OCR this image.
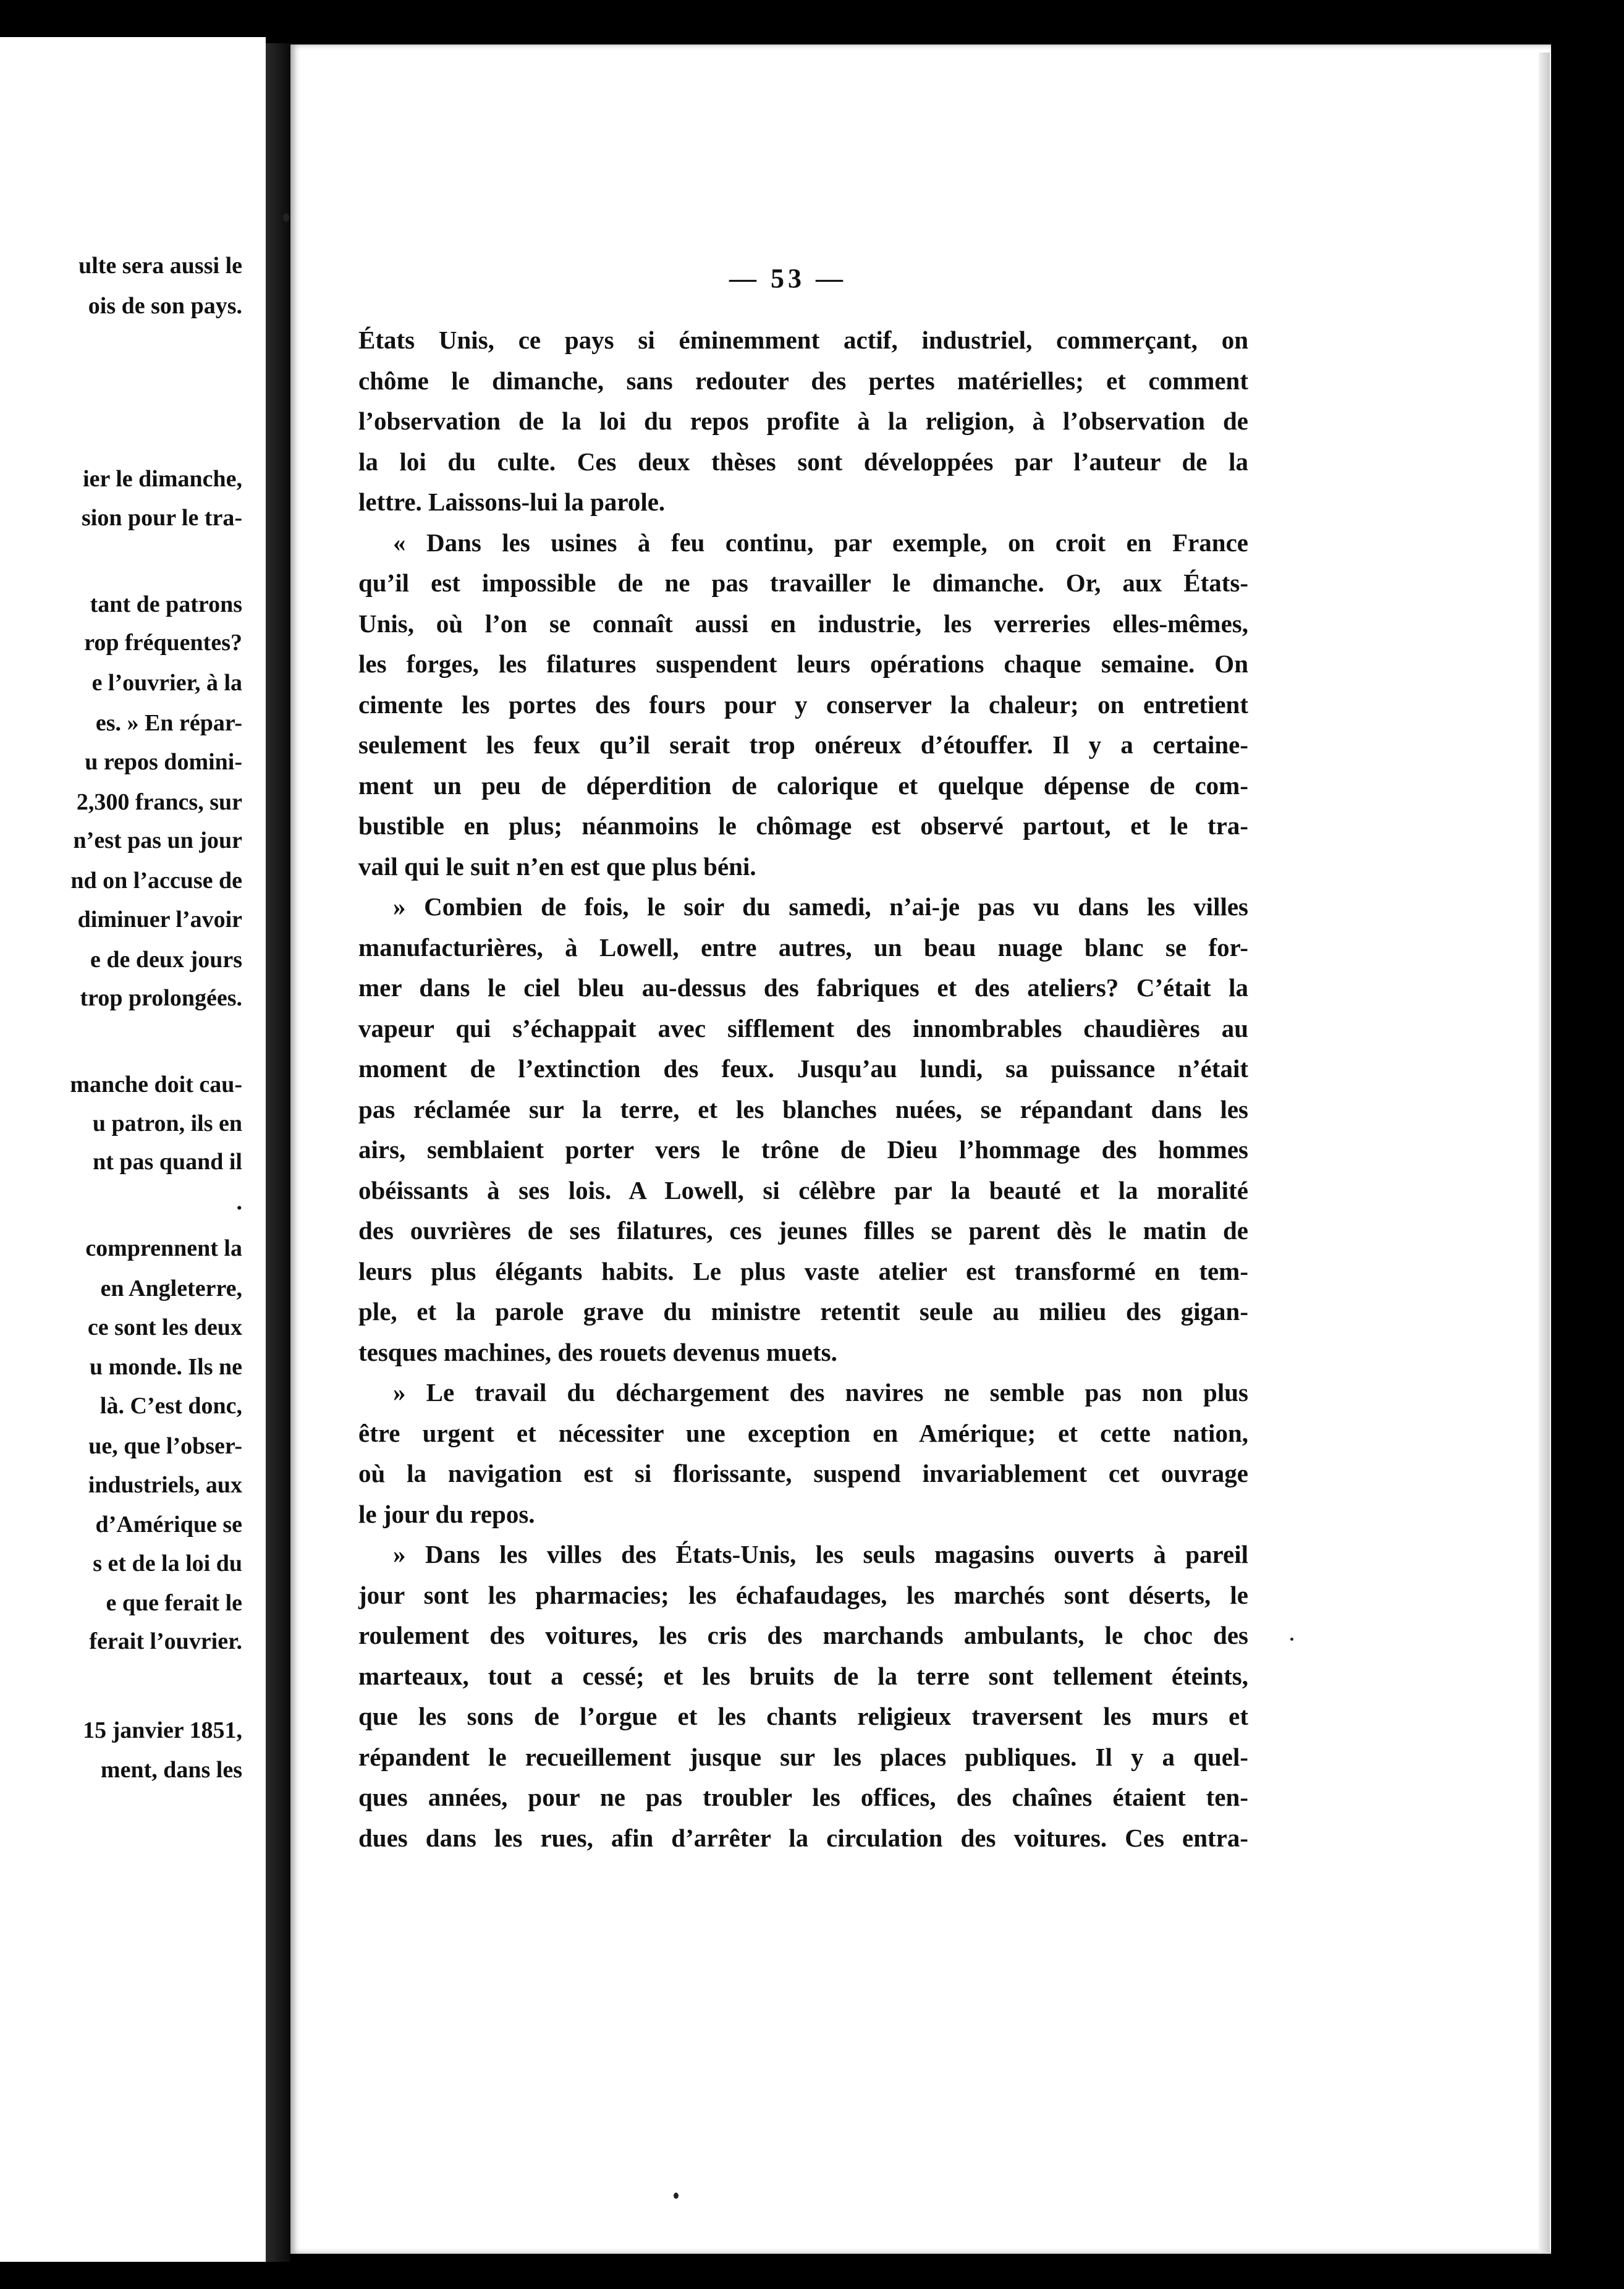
ulte sera aussi le
ois de son pays.
ier le dimanche,
sion pour le tra-
tant de patrons
rop fréquentes?
e l’ouvrier, à la
es. » En répar-
u repos domini-
2,300 francs, sur
n’est pas un jour
nd on l’accuse de
diminuer l’avoir
e de deux jours
trop prolongées.
manche doit cau-
u patron, ils en
nt pas quand il
.
comprennent la
en Angleterre,
ce sont les deux
u monde. Ils ne
là. C’est donc,
ue, que l’obser-
industriels, aux
d’Amérique se
s et de la loi du
e que ferait le
ferait l’ouvrier.
15 janvier 1851,
ment, dans les
— 53 —
États Unis, ce pays si éminemment actif, industriel, commerçant, on
chôme le dimanche, sans redouter des pertes matérielles; et comment
l’observation de la loi du repos profite à la religion, à l’observation de
la loi du culte. Ces deux thèses sont développées par l’auteur de la
lettre. Laissons-lui la parole.
« Dans les usines à feu continu, par exemple, on croit en France
qu’il est impossible de ne pas travailler le dimanche. Or, aux États-
Unis, où l’on se connaît aussi en industrie, les verreries elles-mêmes,
les forges, les filatures suspendent leurs opérations chaque semaine. On
cimente les portes des fours pour y conserver la chaleur; on entretient
seulement les feux qu’il serait trop onéreux d’étouffer. Il y a certaine-
ment un peu de déperdition de calorique et quelque dépense de com-
bustible en plus; néanmoins le chômage est observé partout, et le tra-
vail qui le suit n’en est que plus béni.
» Combien de fois, le soir du samedi, n’ai-je pas vu dans les villes
manufacturières, à Lowell, entre autres, un beau nuage blanc se for-
mer dans le ciel bleu au-dessus des fabriques et des ateliers? C’était la
vapeur qui s’échappait avec sifflement des innombrables chaudières au
moment de l’extinction des feux. Jusqu’au lundi, sa puissance n’était
pas réclamée sur la terre, et les blanches nuées, se répandant dans les
airs, semblaient porter vers le trône de Dieu l’hommage des hommes
obéissants à ses lois. A Lowell, si célèbre par la beauté et la moralité
des ouvrières de ses filatures, ces jeunes filles se parent dès le matin de
leurs plus élégants habits. Le plus vaste atelier est transformé en tem-
ple, et la parole grave du ministre retentit seule au milieu des gigan-
tesques machines, des rouets devenus muets.
» Le travail du déchargement des navires ne semble pas non plus
être urgent et nécessiter une exception en Amérique; et cette nation,
où la navigation est si florissante, suspend invariablement cet ouvrage
le jour du repos.
» Dans les villes des États-Unis, les seuls magasins ouverts à pareil
jour sont les pharmacies; les échafaudages, les marchés sont déserts, le
roulement des voitures, les cris des marchands ambulants, le choc des
marteaux, tout a cessé; et les bruits de la terre sont tellement éteints,
que les sons de l’orgue et les chants religieux traversent les murs et
répandent le recueillement jusque sur les places publiques. Il y a quel-
ques années, pour ne pas troubler les offices, des chaînes étaient ten-
dues dans les rues, afin d’arrêter la circulation des voitures. Ces entra-
